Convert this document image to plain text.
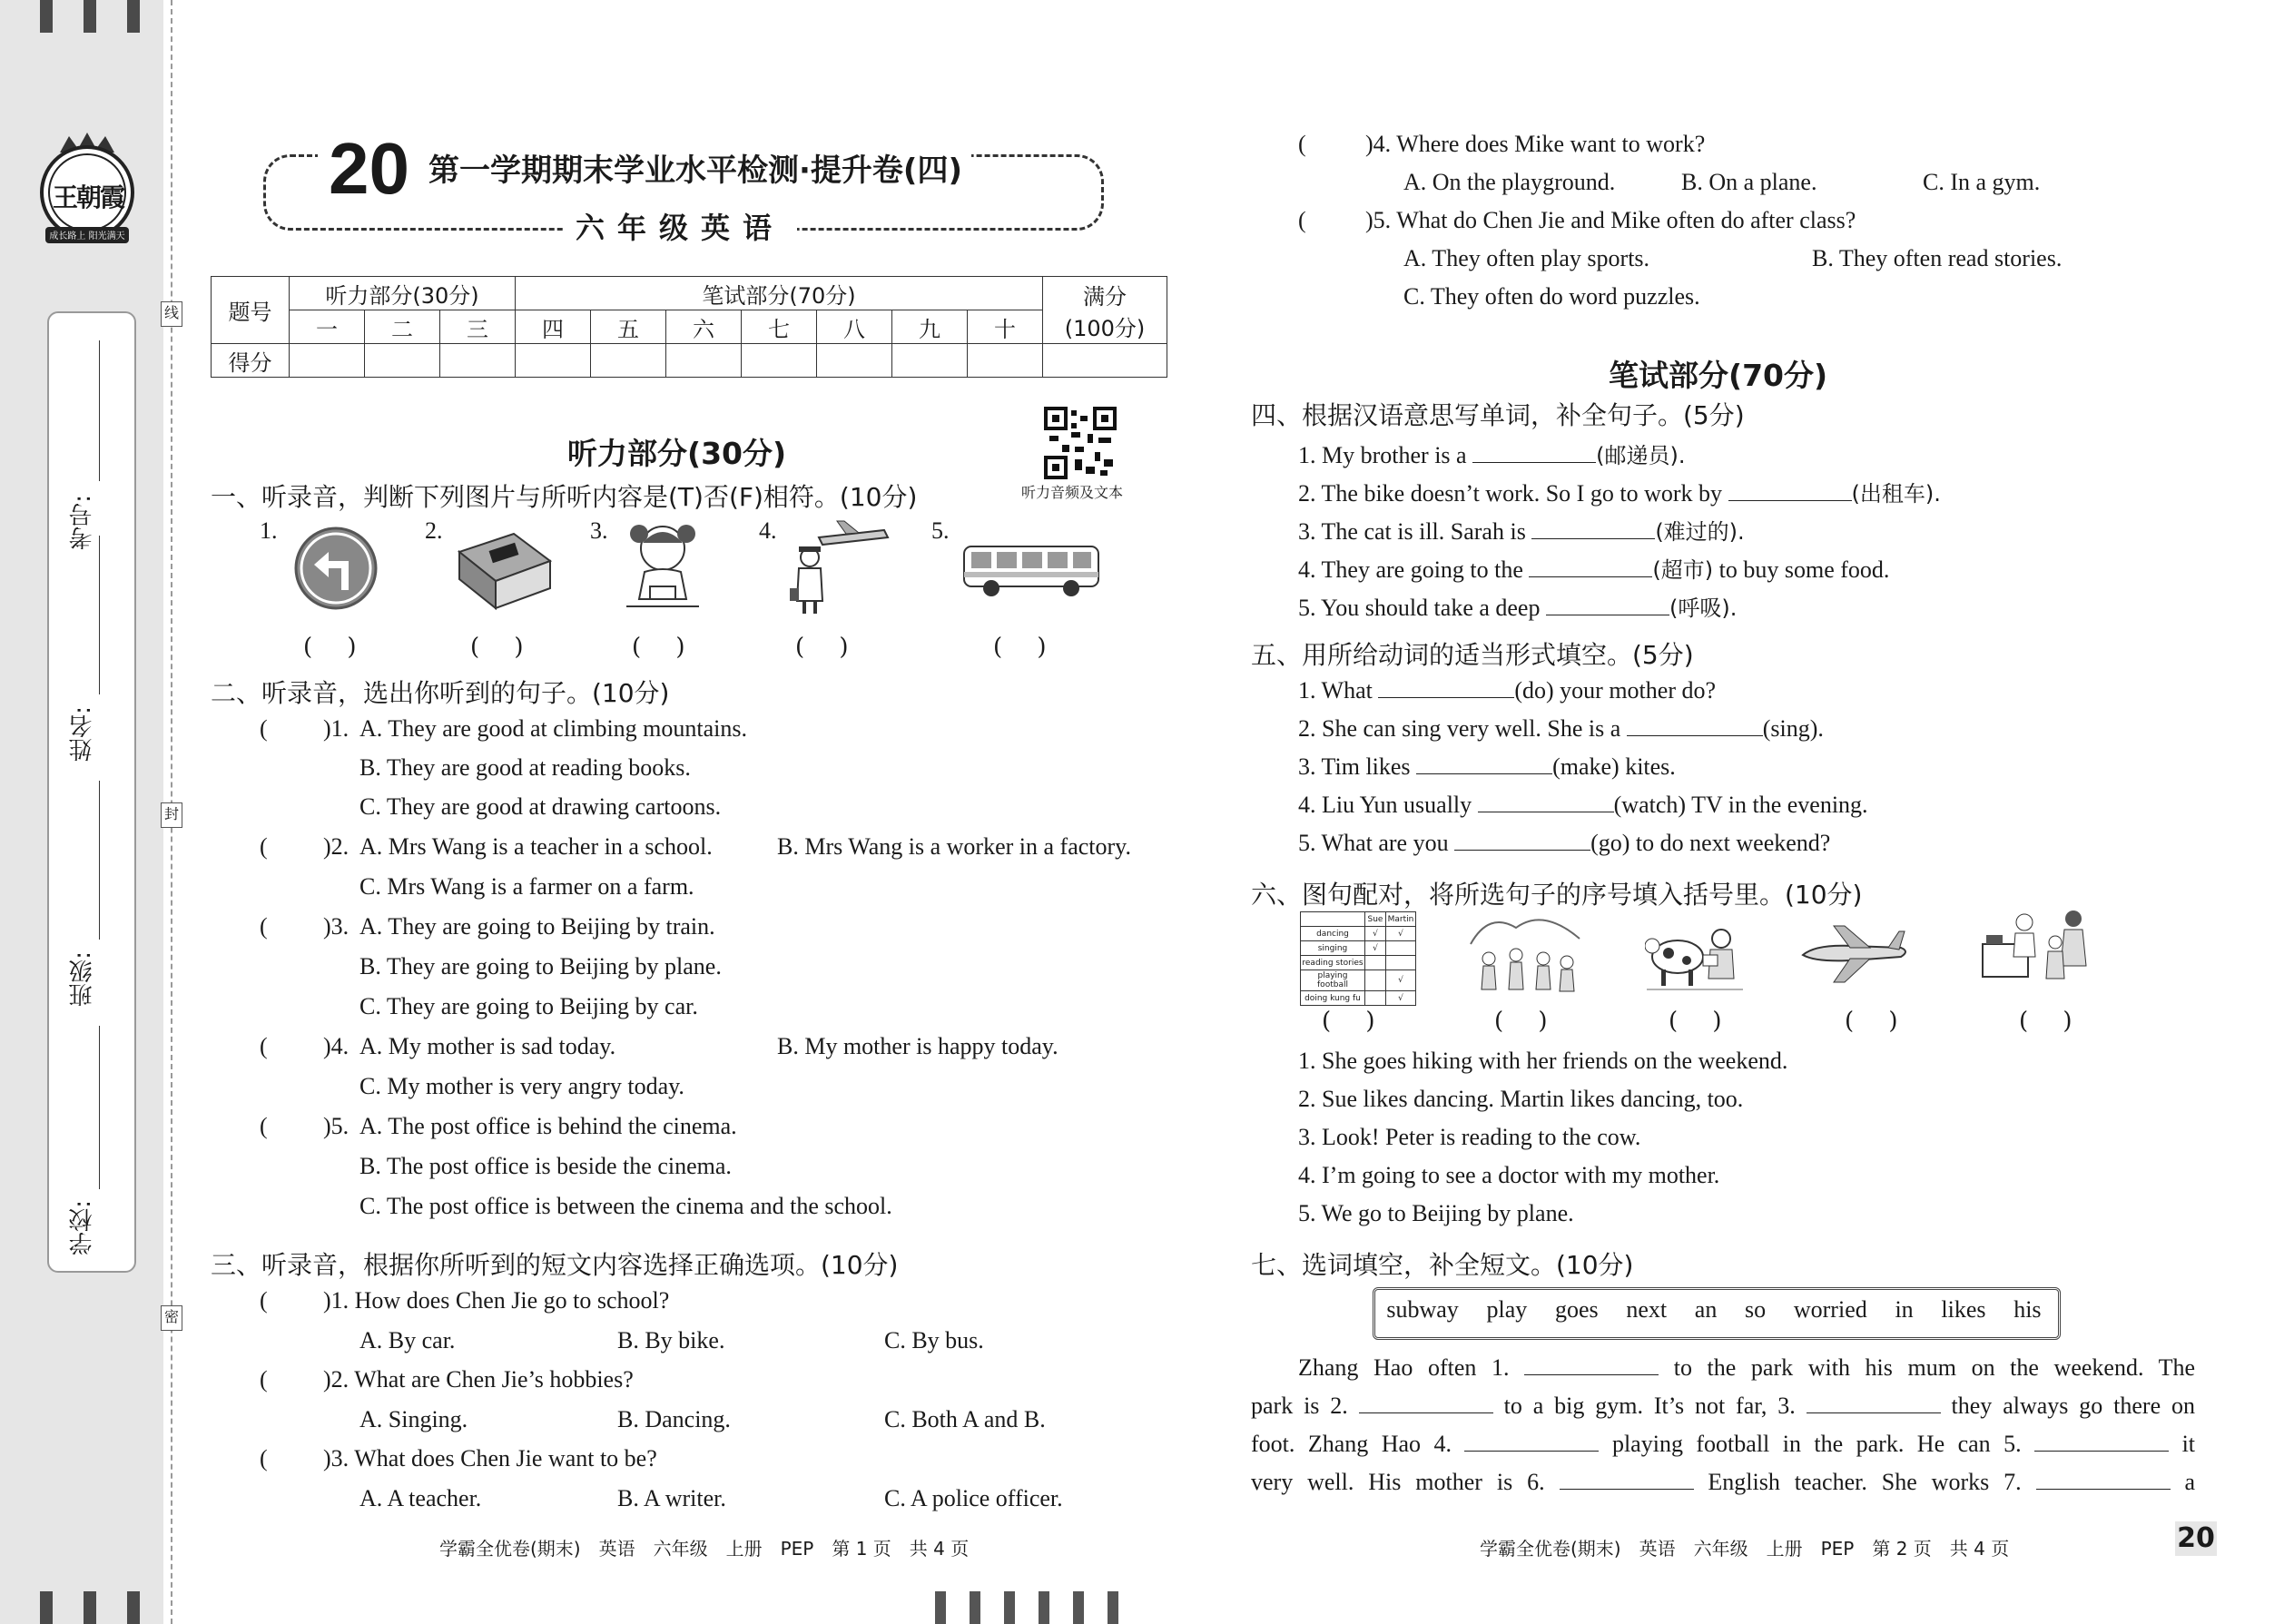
王朝霞
成长路上 阳光满天
考号:
姓名:
班级:
学校:
线
封
密
20 第一学期期末学业水平检测·提升卷(四)
六年级英语
题号	听力部分(30分)			笔试部分(70分)							满分
(100分)

	一	二	三	四	五	六	七	八	九	十	
得分											
听力部分(30分)
听力音频及文本
一、听录音，判断下列图片与所听内容是(T)否(F)相符。(10分)
1.	2.	3.	4.	5.
( )	( )	( )	( )	( )
二、听录音，选出你听到的句子。(10分)
( )1. A. They are good at climbing mountains.
B. They are good at reading books.
C. They are good at drawing cartoons.
( )2. A. Mrs Wang is a teacher in a school.	B. Mrs Wang is a worker in a factory.
C. Mrs Wang is a farmer on a farm.
( )3. A. They are going to Beijing by train.
B. They are going to Beijing by plane.
C. They are going to Beijing by car.
( )4. A. My mother is sad today.	B. My mother is happy today.
C. My mother is very angry today.
( )5. A. The post office is behind the cinema.
B. The post office is beside the cinema.
C. The post office is between the cinema and the school.
三、听录音，根据你所听到的短文内容选择正确选项。(10分)
( )1. How does Chen Jie go to school?
A. By car.	B. By bike.	C. By bus.
( )2. What are Chen Jie’s hobbies?
A. Singing.	B. Dancing.	C. Both A and B.
( )3. What does Chen Jie want to be?
A. A teacher.	B. A writer.	C. A police officer.
学霸全优卷(期末)　英语　六年级　上册　PEP　第 1 页　共 4 页
(	)4. Where does Mike want to work?
A. On the playground.	B. On a plane.	C. In a gym.
(	)5. What do Chen Jie and Mike often do after class?
A. They often play sports.	B. They often read stories.
C. They often do word puzzles.
笔试部分(70分)
四、根据汉语意思写单词，补全句子。(5分)
1. My brother is a	(邮递员).
2. The bike doesn’t work. So I go to work by	(出租车).
3. The cat is ill. Sarah is	(难过的).
4. They are going to the	(超市) to buy some food.
5. You should take a deep	(呼吸).
五、用所给动词的适当形式填空。(5分)
1. What	(do) your mother do?
2. She can sing very well. She is a	(sing).
3. Tim likes	(make) kites.
4. Liu Yun usually	(watch) TV in the evening.
5. What are you	(go) to do next weekend?
六、图句配对，将所选句子的序号填入括号里。(10分)
	Sue	Martin
dancing	√	√
singing	√	
reading stories		
playing football		√
doing kung fu		√
( )	( )	( )	( )	( )
1. She goes hiking with her friends on the weekend.
2. Sue likes dancing. Martin likes dancing, too.
3. Look! Peter is reading to the cow.
4. I’m going to see a doctor with my mother.
5. We go to Beijing by plane.
七、选词填空，补全短文。(10分)
subway play goes next an so worried in likes his
Zhang Hao often 1.	to the park with his mum on the weekend. The
park is 2.	to a big gym. It’s not far, 3.	they always go there on
foot. Zhang Hao 4.	playing football in the park. He can 5.	it
very well. His mother is 6.	English teacher. She works 7.	a
学霸全优卷(期末)　英语　六年级　上册　PEP　第 2 页　共 4 页	20
